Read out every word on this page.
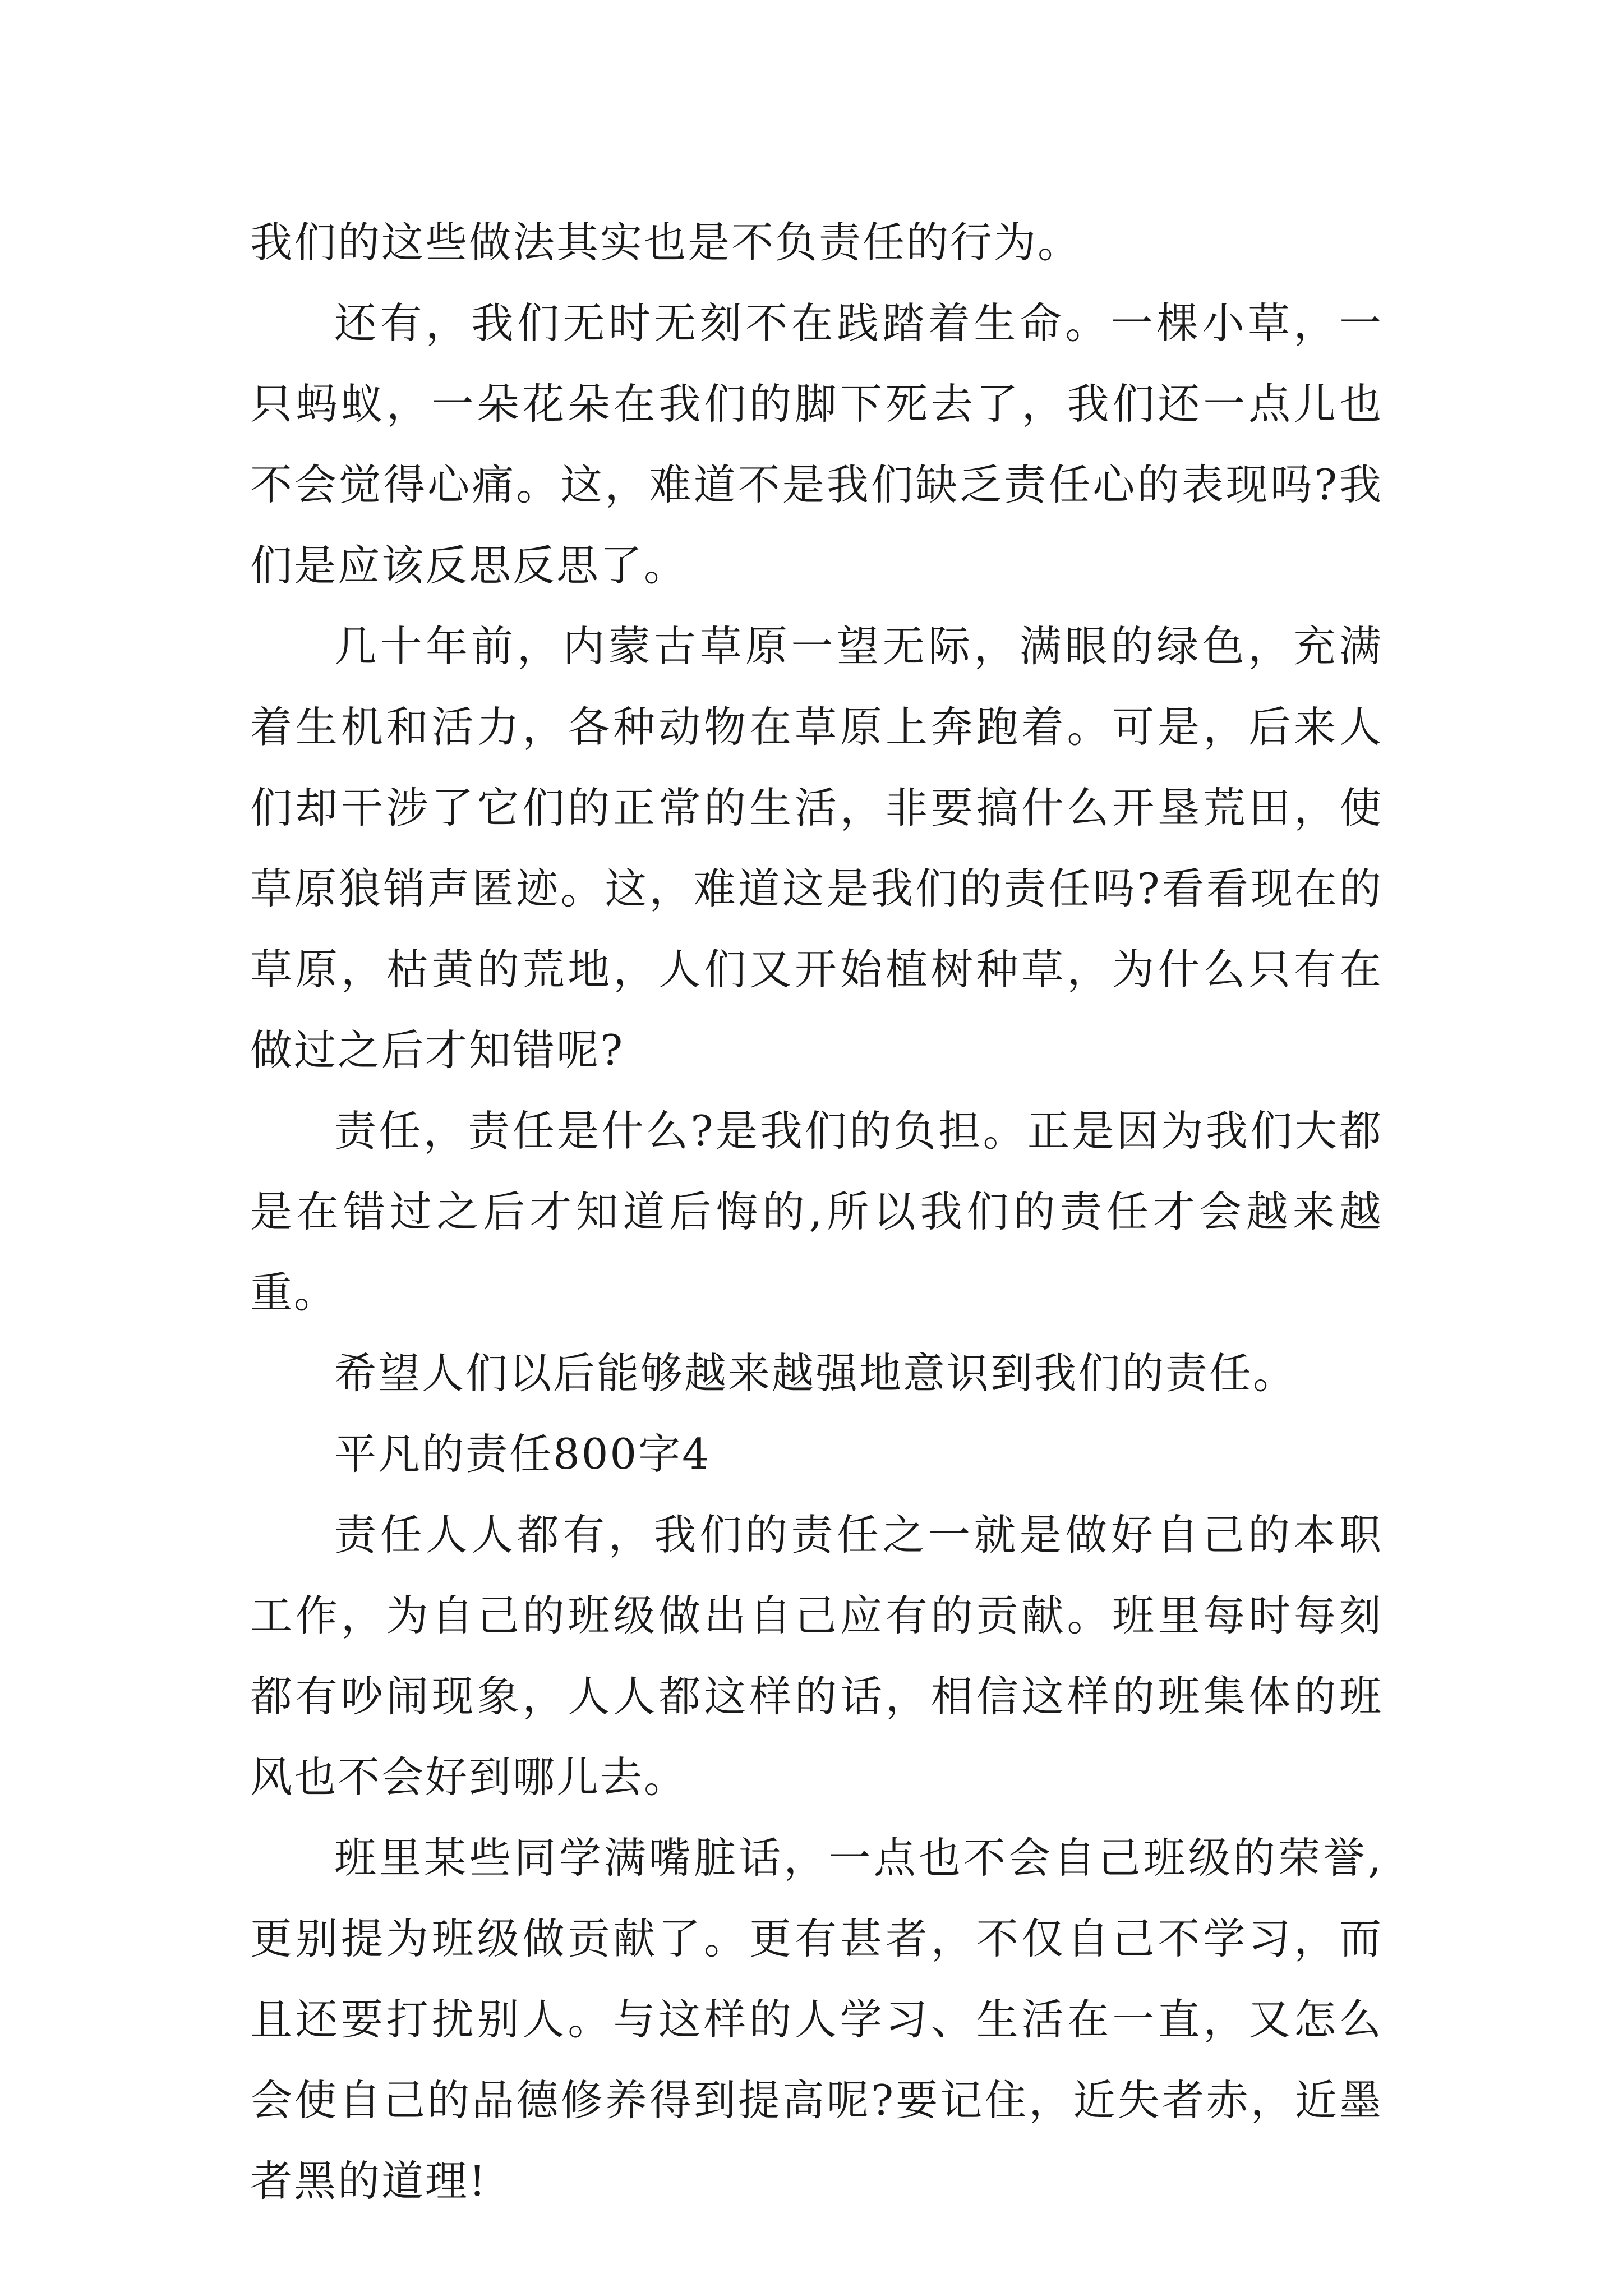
我们的这些做法其实也是不负责任的行为。

还有，我们无时无刻不在践踏着生命。一棵小草，一只蚂蚁，一朵花朵在我们的脚下死去了，我们还一点儿也不会觉得心痛。这，难道不是我们缺乏责任心的表现吗?我们是应该反思反思了。

几十年前，内蒙古草原一望无际，满眼的绿色，充满着生机和活力，各种动物在草原上奔跑着。可是，后来人们却干涉了它们的正常的生活，非要搞什么开垦荒田，使草原狼销声匿迹。这，难道这是我们的责任吗?看看现在的草原，枯黄的荒地，人们又开始植树种草，为什么只有在做过之后才知错呢?

责任，责任是什么?是我们的负担。正是因为我们大都是在错过之后才知道后悔的,所以我们的责任才会越来越重。

希望人们以后能够越来越强地意识到我们的责任。

平凡的责任800字4

责任人人都有，我们的责任之一就是做好自己的本职工作，为自己的班级做出自己应有的贡献。班里每时每刻都有吵闹现象，人人都这样的话，相信这样的班集体的班风也不会好到哪儿去。

班里某些同学满嘴脏话，一点也不会自己班级的荣誉,更别提为班级做贡献了。更有甚者，不仅自己不学习，而且还要打扰别人。与这样的人学习、生活在一直，又怎么会使自己的品德修养得到提高呢?要记住，近失者赤，近墨者黑的道理!
